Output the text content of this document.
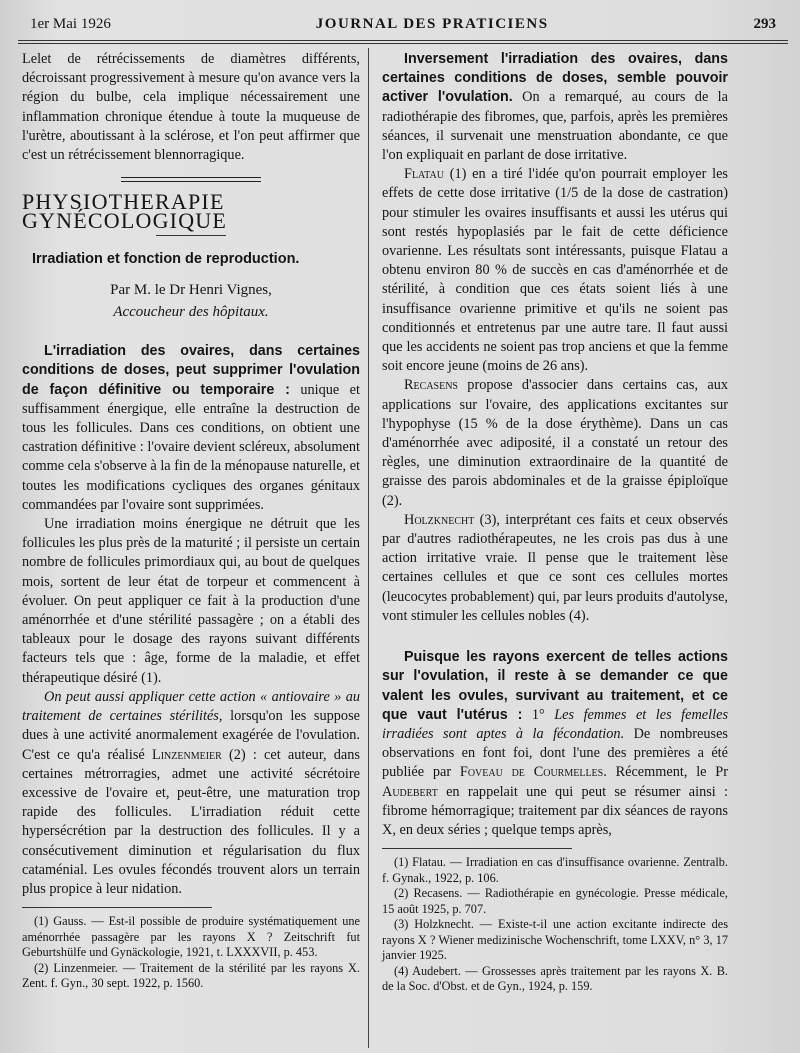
1er Mai 1926	JOURNAL DES PRATICIENS	293

Lelet de rétrécissements de diamètres différents, décroissant progressivement à mesure qu'on avance vers la région du bulbe, cela implique nécessairement une inflammation chronique étendue à toute la muqueuse de l'urètre, aboutissant à la sclérose, et l'on peut affirmer que c'est un rétrécissement blennorragique.

PHYSIOTHERAPIE GYNÉCOLOGIQUE

Irradiation et fonction de reproduction.

Par M. le Dr Henri Vignes,

Accoucheur des hôpitaux.

L'irradiation des ovaires, dans certaines conditions de doses, peut supprimer l'ovulation de façon définitive ou temporaire : unique et suffisamment énergique, elle entraîne la destruction de tous les follicules. Dans ces conditions, on obtient une castration définitive : l'ovaire devient scléreux, absolument comme cela s'observe à la fin de la ménopause naturelle, et toutes les modifications cycliques des organes génitaux commandées par l'ovaire sont supprimées.

Une irradiation moins énergique ne détruit que les follicules les plus près de la maturité ; il persiste un certain nombre de follicules primordiaux qui, au bout de quelques mois, sortent de leur état de torpeur et commencent à évoluer. On peut appliquer ce fait à la production d'une aménorrhée et d'une stérilité passagère ; on a établi des tableaux pour le dosage des rayons suivant différents facteurs tels que : âge, forme de la maladie, et effet thérapeutique désiré (1).

On peut aussi appliquer cette action « antiovaire » au traitement de certaines stérilités, lorsqu'on les suppose dues à une activité anormalement exagérée de l'ovulation. C'est ce qu'a réalisé Linzenmeier (2) : cet auteur, dans certaines métrorragies, admet une activité sécrétoire excessive de l'ovaire et, peut-être, une maturation trop rapide des follicules. L'irradiation réduit cette hypersécrétion par la destruction des follicules. Il y a consécutivement diminution et régularisation du flux cataménial. Les ovules fécondés trouvent alors un terrain plus propice à leur nidation.

(1) Gauss. — Est-il possible de produire systématiquement une aménorrhée passagère par les rayons X ? Zeitschrift fut Geburtshülfe und Gynäckologie, 1921, t. LXXXVII, p. 453.

(2) Linzenmeier. — Traitement de la stérilité par les rayons X. Zent. f. Gyn., 30 sept. 1922, p. 1560.

Inversement l'irradiation des ovaires, dans certaines conditions de doses, semble pouvoir activer l'ovulation. On a remarqué, au cours de la radiothérapie des fibromes, que, parfois, après les premières séances, il survenait une menstruation abondante, ce que l'on expliquait en parlant de dose irritative.

Flatau (1) en a tiré l'idée qu'on pourrait employer les effets de cette dose irritative (1/5 de la dose de castration) pour stimuler les ovaires insuffisants et aussi les utérus qui sont restés hypoplasiés par le fait de cette déficience ovarienne. Les résultats sont intéressants, puisque Flatau a obtenu environ 80 % de succès en cas d'aménorrhée et de stérilité, à condition que ces états soient liés à une insuffisance ovarienne primitive et qu'ils ne soient pas conditionnés et entretenus par une autre tare. Il faut aussi que les accidents ne soient pas trop anciens et que la femme soit encore jeune (moins de 26 ans).

Recasens propose d'associer dans certains cas, aux applications sur l'ovaire, des applications excitantes sur l'hypophyse (15 % de la dose érythème). Dans un cas d'aménorrhée avec adiposité, il a constaté un retour des règles, une diminution extraordinaire de la quantité de graisse des parois abdominales et de la graisse épiploïque (2).

Holzknecht (3), interprétant ces faits et ceux observés par d'autres radiothérapeutes, ne les crois pas dus à une action irritative vraie. Il pense que le traitement lèse certaines cellules et que ce sont ces cellules mortes (leucocytes probablement) qui, par leurs produits d'autolyse, vont stimuler les cellules nobles (4).

Puisque les rayons exercent de telles actions sur l'ovulation, il reste à se demander ce que valent les ovules, survivant au traitement, et ce que vaut l'utérus : 1° Les femmes et les femelles irradiées sont aptes à la fécondation. De nombreuses observations en font foi, dont l'une des premières a été publiée par Foveau de Courmelles. Récemment, le Pr Audebert en rappelait une qui peut se résumer ainsi : fibrome hémorragique; traitement par dix séances de rayons X, en deux séries ; quelque temps après,

(1) Flatau. — Irradiation en cas d'insuffisance ovarienne. Zentralb. f. Gynak., 1922, p. 106.

(2) Recasens. — Radiothérapie en gynécologie. Presse médicale, 15 août 1925, p. 707.

(3) Holzknecht. — Existe-t-il une action excitante indirecte des rayons X ? Wiener medizinische Wochenschrift, tome LXXV, n° 3, 17 janvier 1925.

(4) Audebert. — Grossesses après traitement par les rayons X. B. de la Soc. d'Obst. et de Gyn., 1924, p. 159.
